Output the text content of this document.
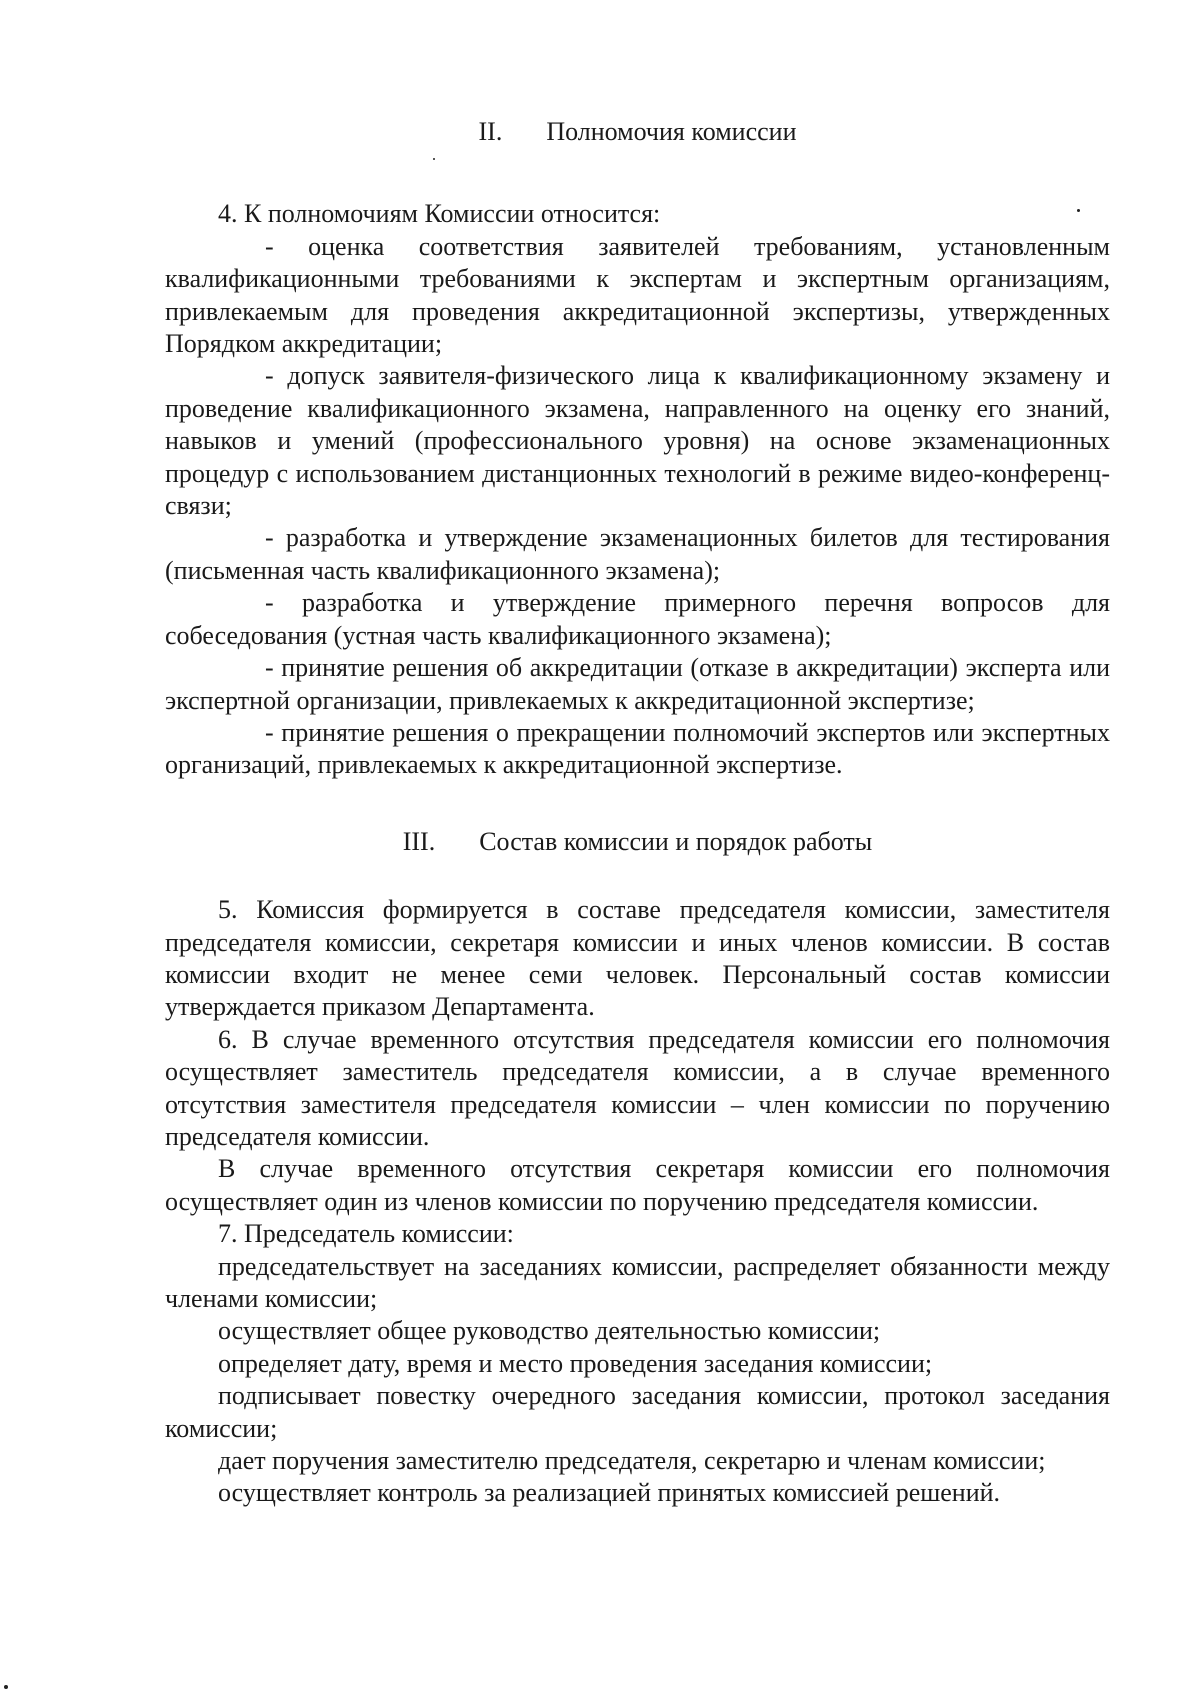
II. Полномочия комиссии

4. К полномочиям Комиссии относится:

- оценка соответствия заявителей требованиям, установленным квалификационными требованиями к экспертам и экспертным организациям, привлекаемым для проведения аккредитационной экспертизы, утвержденных Порядком аккредитации;

- допуск заявителя-физического лица к квалификационному экзамену и проведение квалификационного экзамена, направленного на оценку его знаний, навыков и умений (профессионального уровня) на основе экзаменационных процедур с использованием дистанционных технологий в режиме видео-конференц-связи;

- разработка и утверждение экзаменационных билетов для тестирования (письменная часть квалификационного экзамена);

- разработка и утверждение примерного перечня вопросов для собеседования (устная часть квалификационного экзамена);

- принятие решения об аккредитации (отказе в аккредитации) эксперта или экспертной организации, привлекаемых к аккредитационной экспертизе;

- принятие решения о прекращении полномочий экспертов или экспертных организаций, привлекаемых к аккредитационной экспертизе.

III. Состав комиссии и порядок работы

5. Комиссия формируется в составе председателя комиссии, заместителя председателя комиссии, секретаря комиссии и иных членов комиссии. В состав комиссии входит не менее семи человек. Персональный состав комиссии утверждается приказом Департамента.

6. В случае временного отсутствия председателя комиссии его полномочия осуществляет заместитель председателя комиссии, а в случае временного отсутствия заместителя председателя комиссии – член комиссии по поручению председателя комиссии.

В случае временного отсутствия секретаря комиссии его полномочия осуществляет один из членов комиссии по поручению председателя комиссии.

7. Председатель комиссии:

председательствует на заседаниях комиссии, распределяет обязанности между членами комиссии;

осуществляет общее руководство деятельностью комиссии;

определяет дату, время и место проведения заседания комиссии;

подписывает повестку очередного заседания комиссии, протокол заседания комиссии;

дает поручения заместителю председателя, секретарю и членам комиссии;

осуществляет контроль за реализацией принятых комиссией решений.
